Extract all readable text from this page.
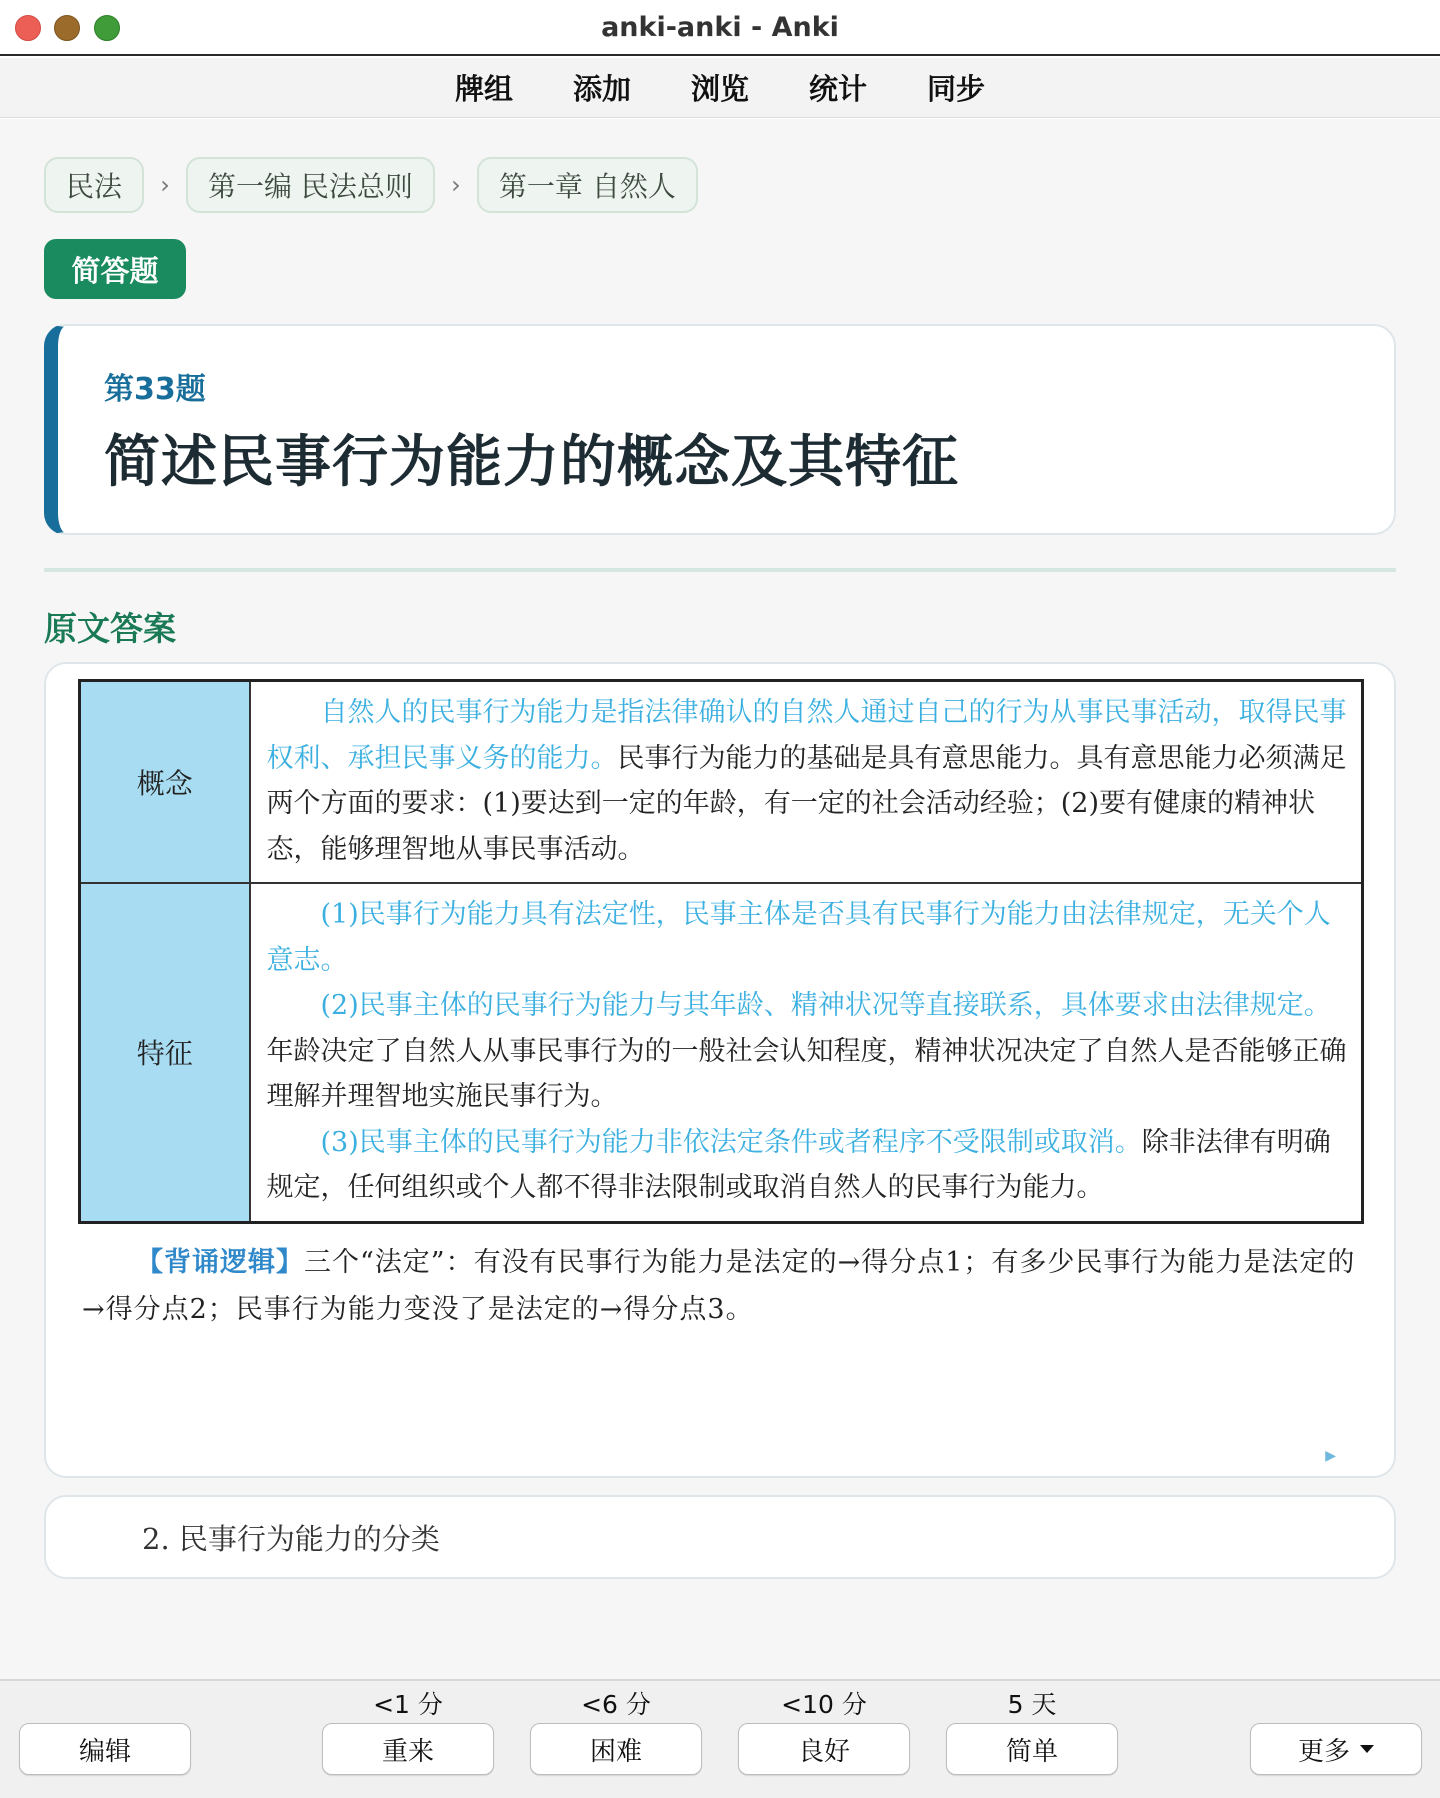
anki-anki - Anki
牌组 添加 浏览 统计 同步
民法	›	第一编 民法总则	›	第一章 自然人
简答题
第33题
简述民事行为能力的概念及其特征
原文答案
概念	自然人的民事行为能力是指法律确认的自然人通过自己的行为从事民事活动，取得民事权利、承担民事义务的能力。民事行为能力的基础是具有意思能力。具有意思能力必须满足两个方面的要求：(1)要达到一定的年龄，有一定的社会活动经验；(2)要有健康的精神状态，能够理智地从事民事活动。

特征	(1)民事行为能力具有法定性，民事主体是否具有民事行为能力由法律规定，无关个人意志。

(2)民事主体的民事行为能力与其年龄、精神状况等直接联系，具体要求由法律规定。年龄决定了自然人从事民事行为的一般社会认知程度，精神状况决定了自然人是否能够正确理解并理智地实施民事行为。

(3)民事主体的民事行为能力非依法定条件或者程序不受限制或取消。除非法律有明确规定，任何组织或个人都不得非法限制或取消自然人的民事行为能力。

【背诵逻辑】三个“法定”：有没有民事行为能力是法定的→得分点1；有多少民事行为能力是法定的→得分点2；民事行为能力变没了是法定的→得分点3。
▶
2. 民事行为能力的分类
编辑
<1 分
重来
<6 分
困难
<10 分
良好
5 天
简单	更多
